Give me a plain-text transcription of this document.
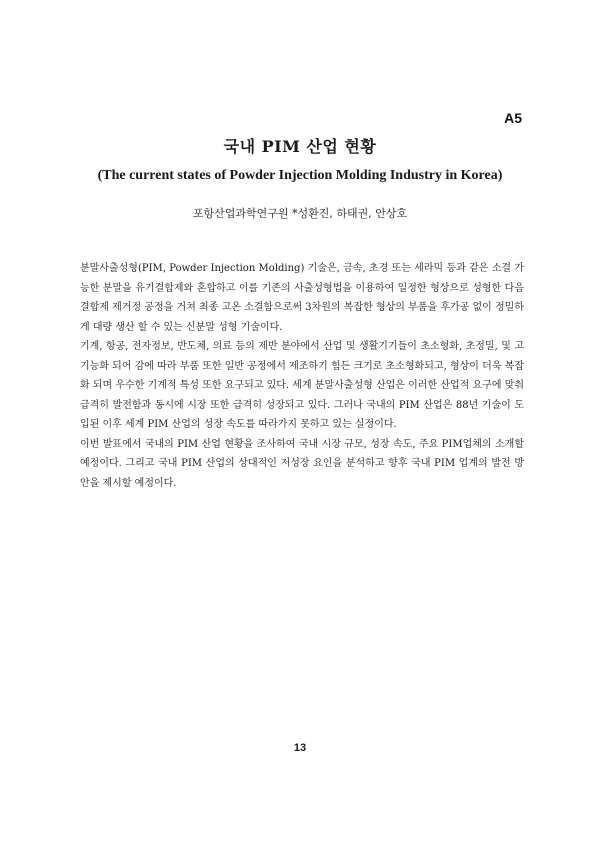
A5
국내 PIM 산업 현황
(The current states of Powder Injection Molding Industry in Korea)
포항산업과학연구원 *성환진, 하태권, 안상호

분말사출성형(PIM, Powder Injection Molding) 기술은, 금속, 초경 또는 세라믹 등과 같은 소결 가능한 분말을 유기결합제와 혼합하고 이를 기존의 사출성형법을 이용하여 일정한 형상으로 성형한 다음 결합제 제거정 공정을 거쳐 최종 고온 소결함으로써 3차원의 복잡한 형상의 부품을 후가공 없이 정밀하게 대량 생산 할 수 있는 신분말 성형 기술이다.

기계, 항공, 전자정보, 반도체, 의료 등의 제반 분야에서 산업 및 생활기기들이 초소형화, 초정밀, 및 고기능화 되어 감에 따라 부품 또한 일반 공정에서 제조하기 힘든 크기로 초소형화되고, 형상이 더욱 복잡화 되며 우수한 기계적 특성 또한 요구되고 있다. 세계 분말사출성형 산업은 이러한 산업적 요구에 맞춰 급격히 발전함과 동시에 시장 또한 급격히 성장되고 있다. 그러나 국내의 PIM 산업은 88년 기술이 도입된 이후 세계 PIM 산업의 성장 속도를 따라가지 못하고 있는 실정이다.

이번 발표에서 국내의 PIM 산업 현황을 조사하여 국내 시장 규모, 성장 속도, 주요 PIM업체의 소개할 예정이다. 그리고 국내 PIM 산업의 상대적인 저성장 요인을 분석하고 향후 국내 PIM 업계의 발전 방안을 제시할 예정이다.

13
